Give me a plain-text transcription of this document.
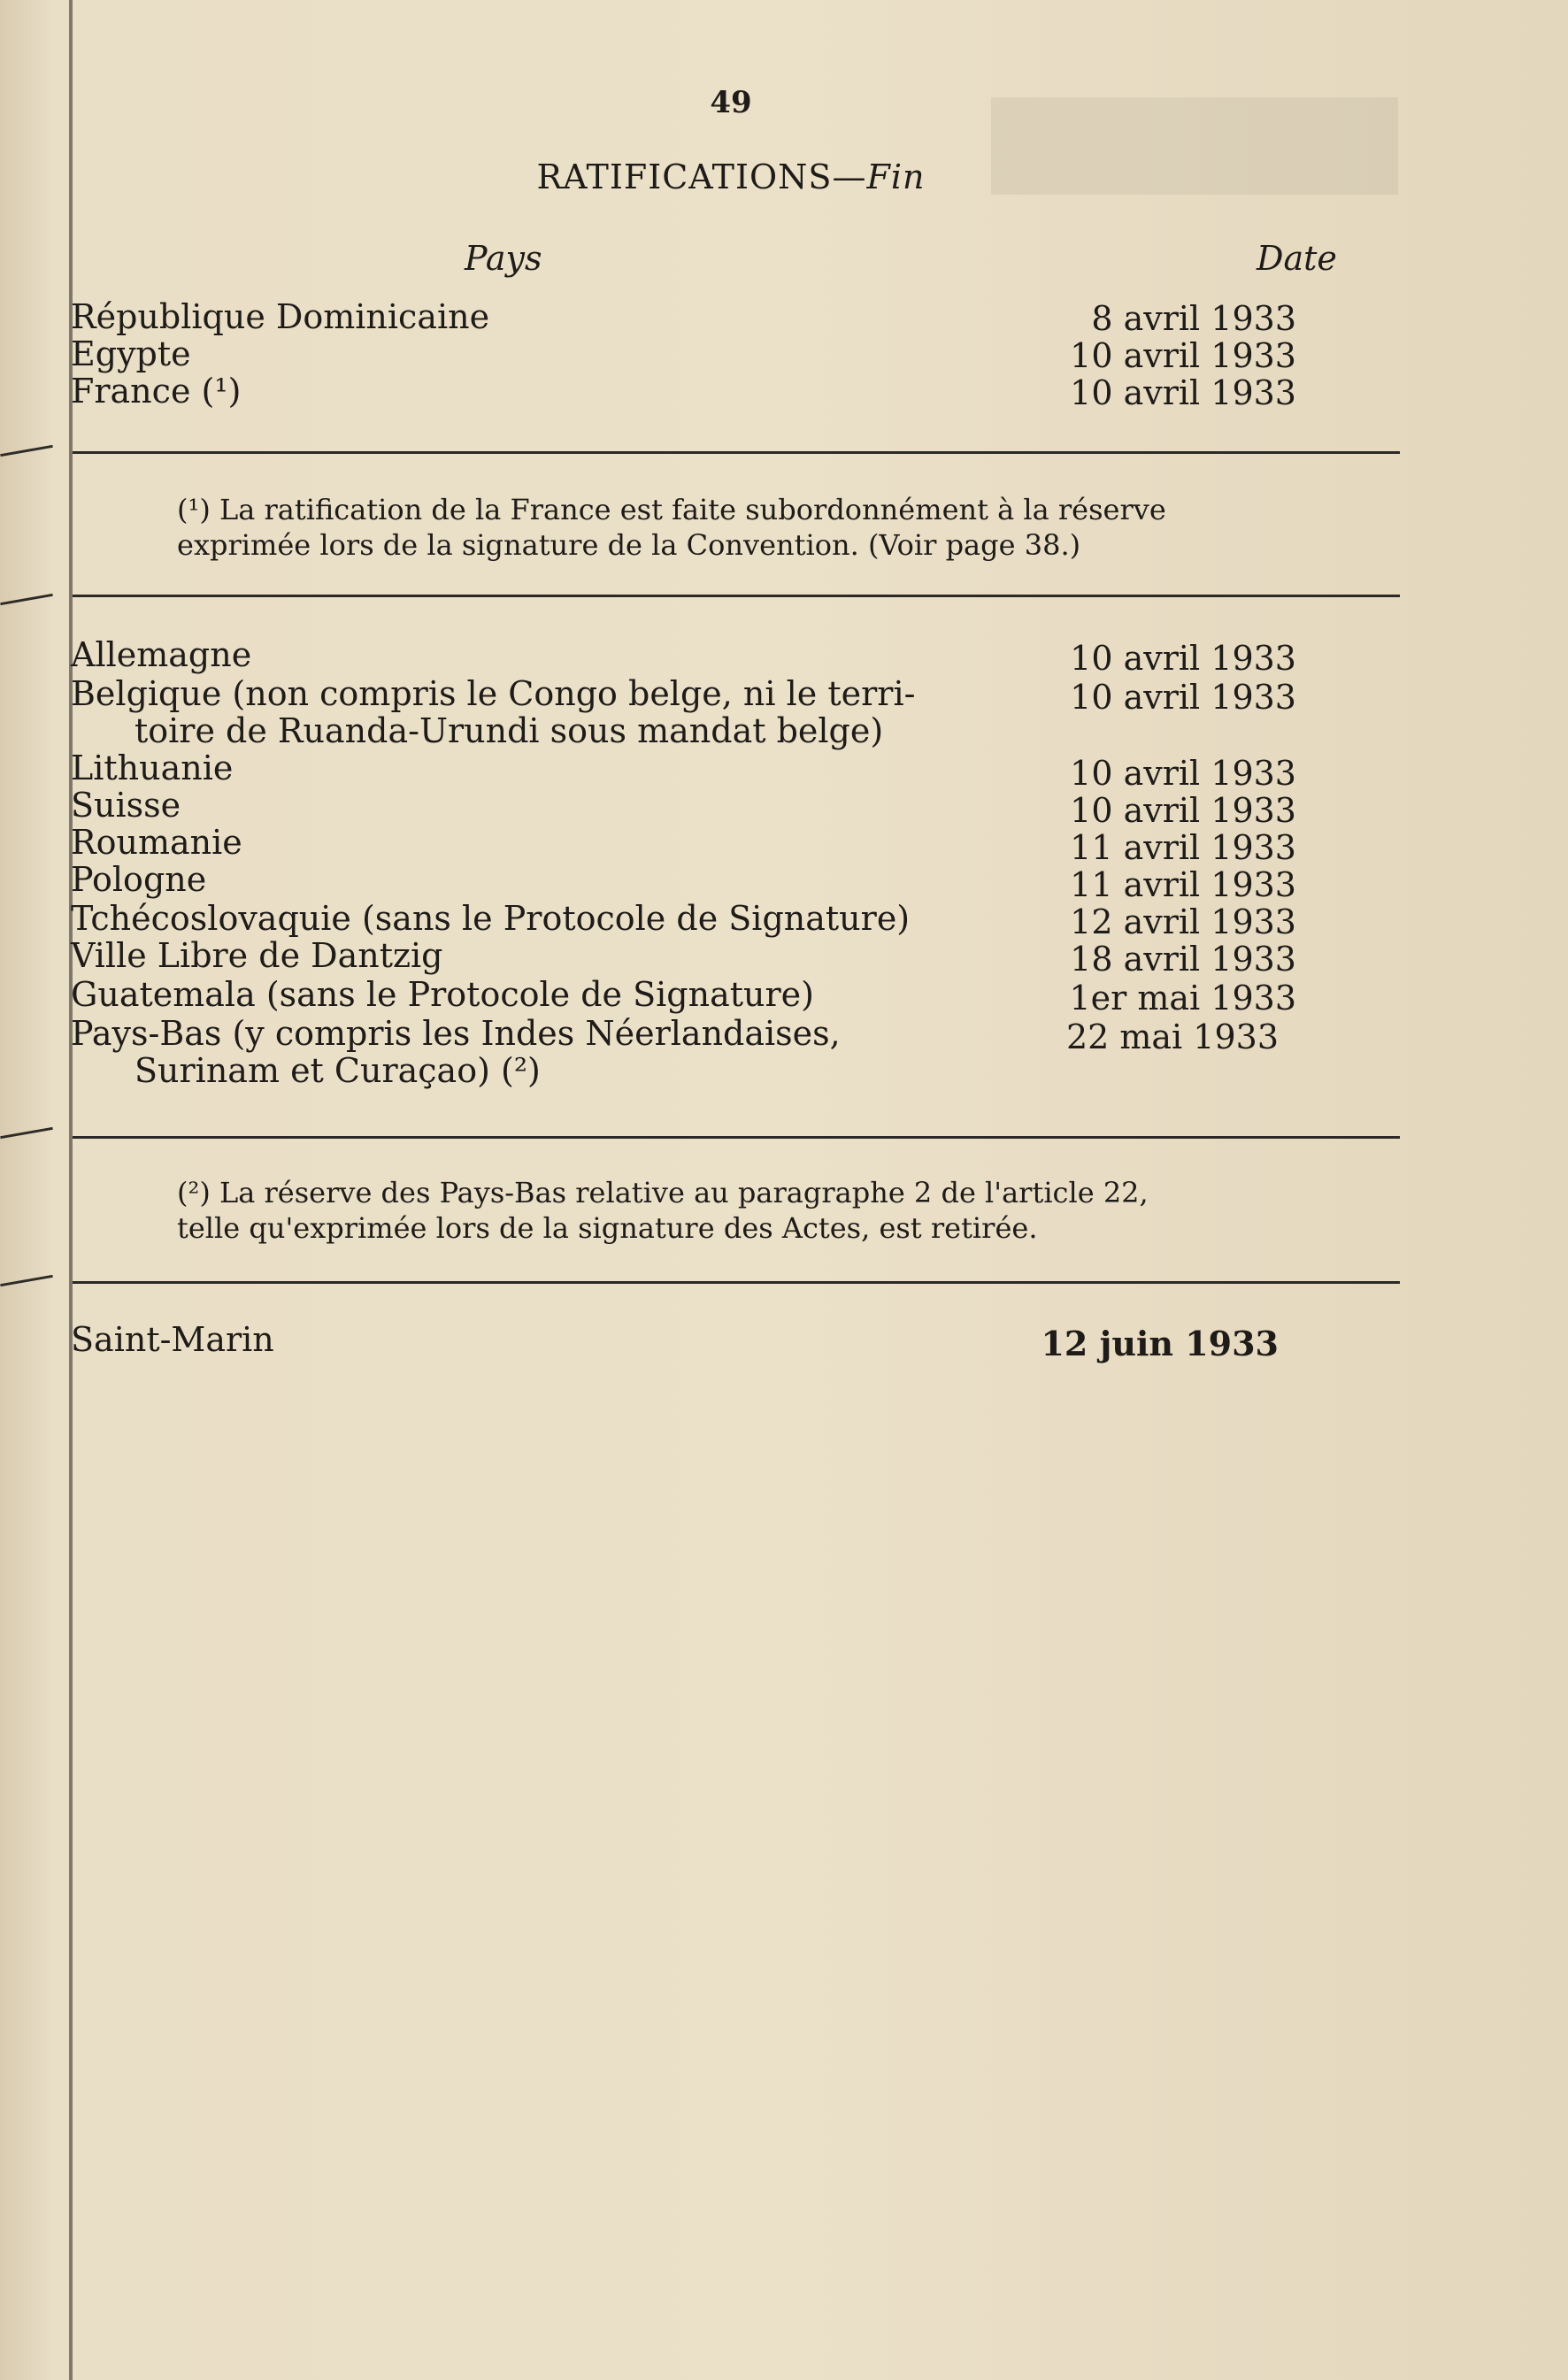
49
RATIFICATIONS—Fin
Pays	Date
République Dominicaine	8 avril 1933
Egypte	10 avril 1933
France (¹)	10 avril 1933
(¹) La ratification de la France est faite subordonnément à la réserve
exprimée lors de la signature de la Convention. (Voir page 38.)
Allemagne	10 avril 1933
Belgique (non compris le Congo belge, ni le terri-	10 avril 1933
toire de Ruanda-Urundi sous mandat belge)
Lithuanie	10 avril 1933
Suisse	10 avril 1933
Roumanie	11 avril 1933
Pologne	11 avril 1933
Tchécoslovaquie (sans le Protocole de Signature)	12 avril 1933
Ville Libre de Dantzig	18 avril 1933
Guatemala (sans le Protocole de Signature)	1er mai 1933
Pays-Bas (y compris les Indes Néerlandaises,	22 mai 1933
Surinam et Curaçao) (²)
(²) La réserve des Pays-Bas relative au paragraphe 2 de l'article 22,
telle qu'exprimée lors de la signature des Actes, est retirée.
Saint-Marin	12 juin 1933
